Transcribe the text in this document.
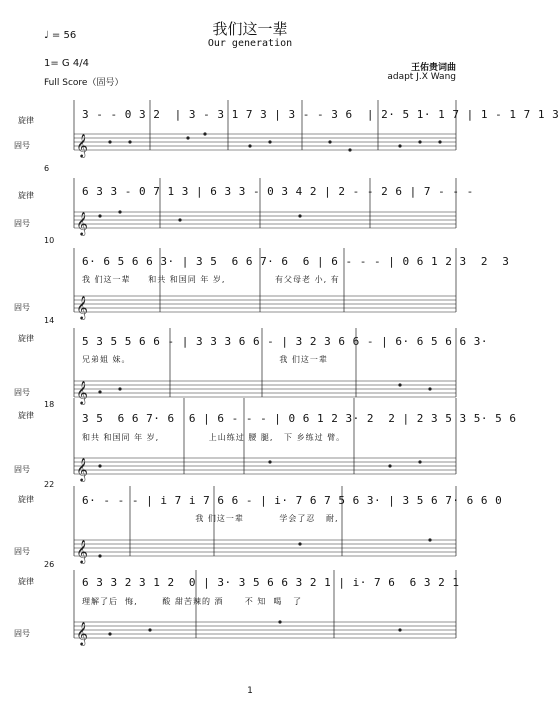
我们这一辈
Our generation
♩ = 56
1= G 4/4
Full Score（固号）
王佑贵词曲
adapt J.X Wang
𝄞
𝄞
𝄞
𝄞
𝄞
𝄞
𝄞
旋律
固号
旋律
固号
固号
旋律
固号
旋律
固号
旋律
固号
旋律
固号
6
10
14
18
22
26
3 - - 0 3 2  | 3 - 3 1 7 3 | 3 - - 3 6  | 2· 5 1· 1 7 | 1 - 1 7 1 3
6 3 3 - 0 7 1 3 | 6 3 3 - 0 3 4 2 | 2 - - 2 6 | 7 - - -
6· 6 5 6 6 3· | 3 5  6 6 7· 6  6 | 6 - - - | 0 6 1 2 3  2  3
我 们这一辈     和共 和国同 年 岁,              有父母老 小, 有
5 3 5 5 6 6 - | 3 3 3 6 6 - | 3 2 3 6 6 - | 6· 6 5 6 6 3·
兄弟姐 妹。                                          我 们这一辈
3 5  6 6 7· 6  6 | 6 - - - | 0 6 1 2 3· 2  2 | 2 3 5 3 5· 5 6
和共 和国同 年 岁,              上山练过 腰 腿,   下 乡练过 臂。
6· - - - | i 7 i 7 6 6 - | i· 7 6 7 5 6 3· | 3 5 6 7· 6 6 0
我 们这一辈          学会了忍   耐,
6 3 3 2 3 1 2  0 | 3· 3 5 6 6 3 2 1 | i· 7 6  6 3 2 1
理解了后  悔,       酸 甜苦辣的 酒      不 知  喝   了
1
